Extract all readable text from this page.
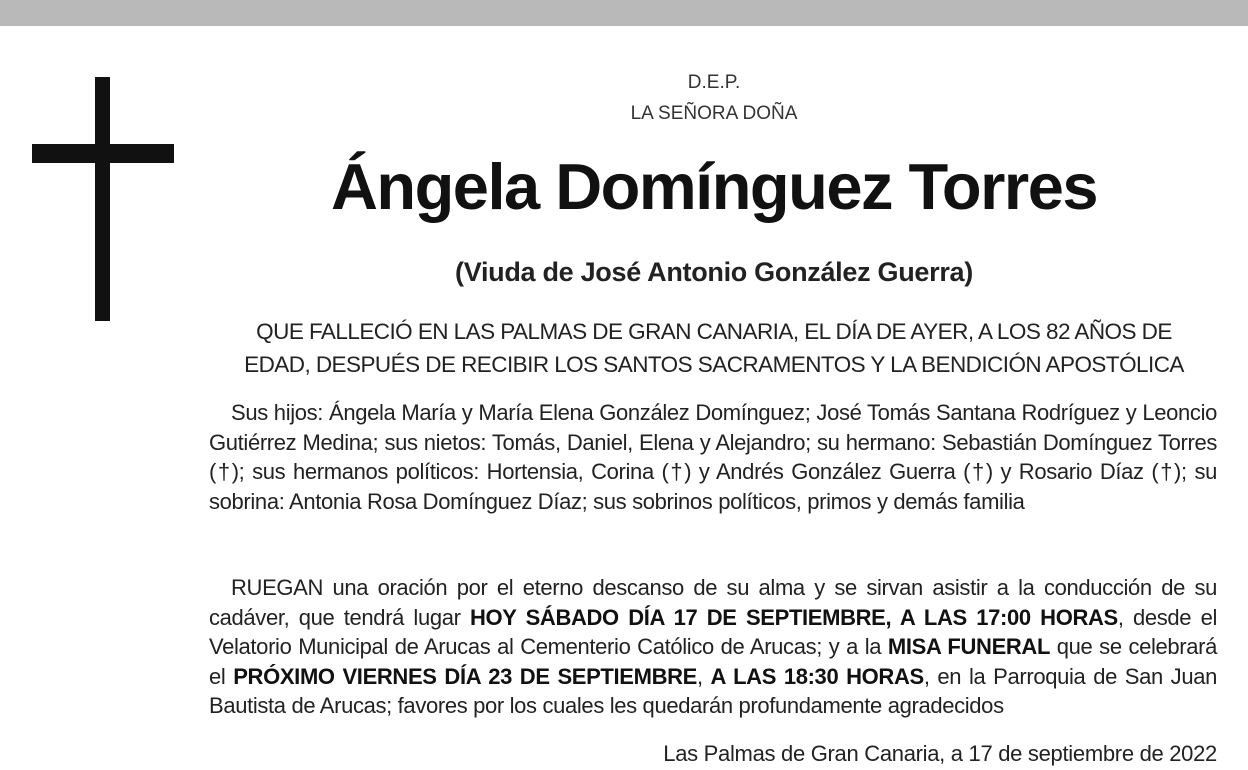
D.E.P.
LA SEÑORA DOÑA
Ángela Domínguez Torres
(Viuda de José Antonio González Guerra)
QUE FALLECIÓ EN LAS PALMAS DE GRAN CANARIA, EL DÍA DE AYER, A LOS 82 AÑOS DE
EDAD, DESPUÉS DE RECIBIR LOS SANTOS SACRAMENTOS Y LA BENDICIÓN APOSTÓLICA

Sus hijos: Ángela María y María Elena González Domínguez; José Tomás Santana Rodríguez y Leoncio Gutiérrez Medina; sus nietos: Tomás, Daniel, Elena y Alejandro; su hermano: Sebastián Domínguez Torres (†); sus hermanos políticos: Hortensia, Corina (†) y Andrés González Guerra (†) y Rosario Díaz (†); su sobrina: Antonia Rosa Domínguez Díaz; sus sobrinos políticos, primos y demás familia

RUEGAN una oración por el eterno descanso de su alma y se sirvan asistir a la conducción de su cadáver, que tendrá lugar HOY SÁBADO DÍA 17 DE SEPTIEMBRE, A LAS 17:00 HORAS, desde el Velatorio Municipal de Arucas al Cementerio Católico de Arucas; y a la MISA FUNERAL que se celebrará el PRÓXIMO VIERNES DÍA 23 DE SEPTIEMBRE, A LAS 18:30 HORAS, en la Parroquia de San Juan Bautista de Arucas; favores por los cuales les quedarán profundamente agradecidos

Las Palmas de Gran Canaria, a 17 de septiembre de 2022
